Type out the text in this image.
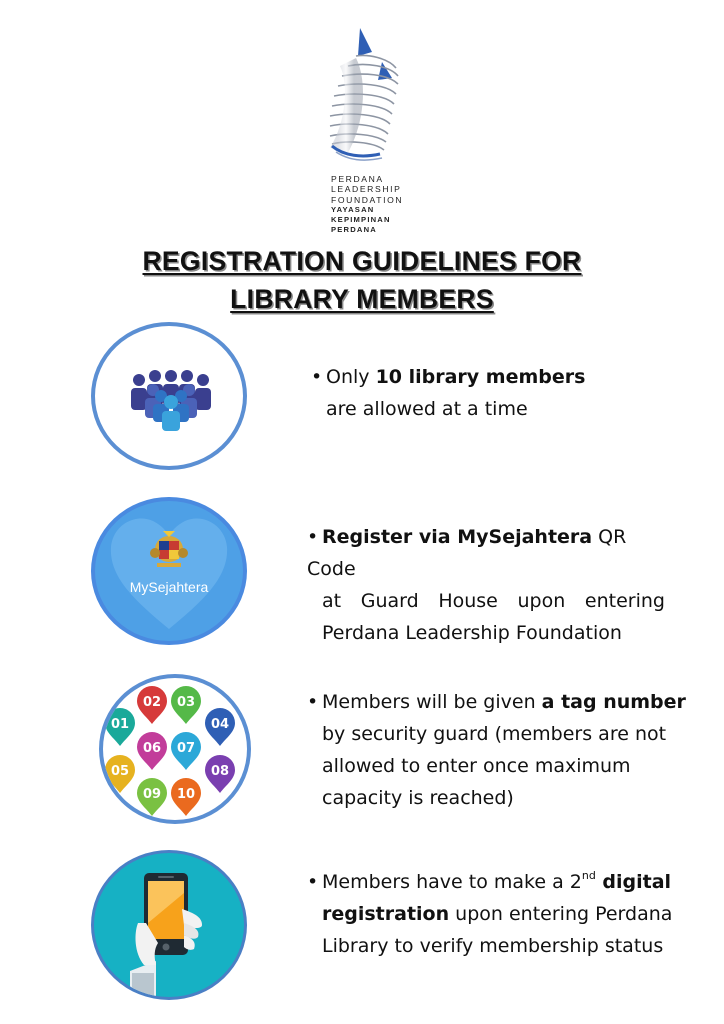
PERDANA
LEADERSHIP
FOUNDATION
YAYASAN
KEPIMPINAN
PERDANA
REGISTRATION GUIDELINES FOR
LIBRARY MEMBERS
• Only 10 library members
are allowed at a time
MySejahtera
• Register via MySejahtera QR Code
at Guard House upon entering
Perdana Leadership Foundation
01
02 03
04
05
06 07
08
09 10
• Members will be given a tag number
by security guard (members are not
allowed to enter once maximum
capacity is reached)
• Members have to make a 2nd digital
registration upon entering Perdana
Library to verify membership status
